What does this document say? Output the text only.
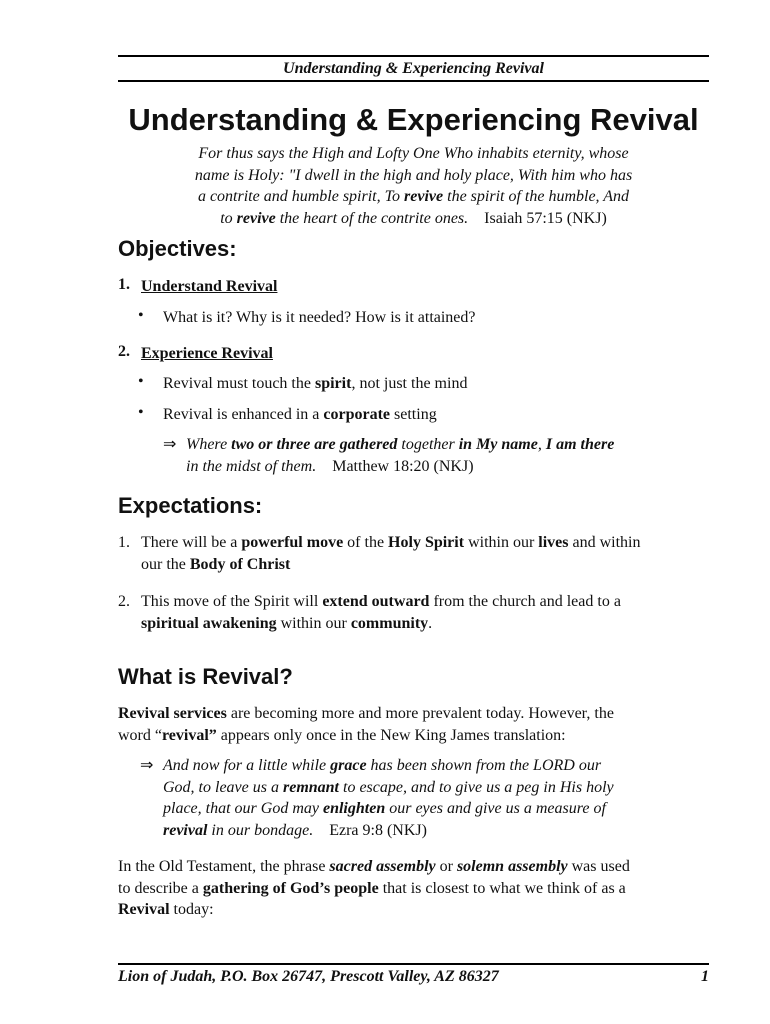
Understanding & Experiencing Revival
Understanding & Experiencing Revival
For thus says the High and Lofty One Who inhabits eternity, whose
name is Holy: "I dwell in the high and holy place, With him who has
a contrite and humble spirit, To revive the spirit of the humble, And
to revive the heart of the contrite ones. Isaiah 57:15 (NKJ)
Objectives:
1. Understand Revival
• What is it? Why is it needed? How is it attained?
2. Experience Revival
• Revival must touch the spirit, not just the mind
• Revival is enhanced in a corporate setting
⇒ Where two or three are gathered together in My name, I am there
in the midst of them. Matthew 18:20 (NKJ)
Expectations:
1. There will be a powerful move of the Holy Spirit within our lives and within
our the Body of Christ
2. This move of the Spirit will extend outward from the church and lead to a
spiritual awakening within our community.
What is Revival?
Revival services are becoming more and more prevalent today. However, the
word “revival” appears only once in the New King James translation:
⇒ And now for a little while grace has been shown from the LORD our
God, to leave us a remnant to escape, and to give us a peg in His holy
place, that our God may enlighten our eyes and give us a measure of
revival in our bondage. Ezra 9:8 (NKJ)
In the Old Testament, the phrase sacred assembly or solemn assembly was used
to describe a gathering of God’s people that is closest to what we think of as a
Revival today:
Lion of Judah, P.O. Box 26747, Prescott Valley, AZ 86327	1
